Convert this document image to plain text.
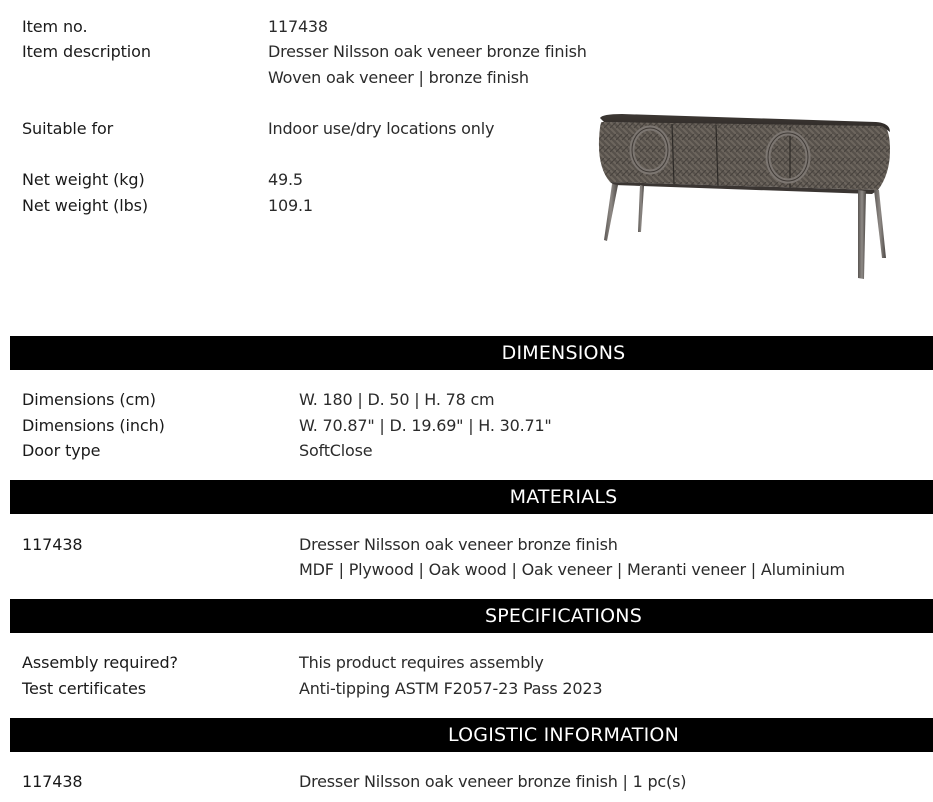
Item no.	117438
Item description	Dresser Nilsson oak veneer bronze finish
Woven oak veneer | bronze finish
Suitable for	Indoor use/dry locations only
Net weight (kg)	49.5
Net weight (lbs)	109.1
DIMENSIONS
Dimensions (cm)	W. 180 | D. 50 | H. 78 cm
Dimensions (inch)	W. 70.87" | D. 19.69" | H. 30.71"
Door type	SoftClose
MATERIALS
117438	Dresser Nilsson oak veneer bronze finish
MDF | Plywood | Oak wood | Oak veneer | Meranti veneer | Aluminium
SPECIFICATIONS
Assembly required?	This product requires assembly
Test certificates	Anti-tipping ASTM F2057-23 Pass 2023
LOGISTIC INFORMATION
117438	Dresser Nilsson oak veneer bronze finish | 1 pc(s)
